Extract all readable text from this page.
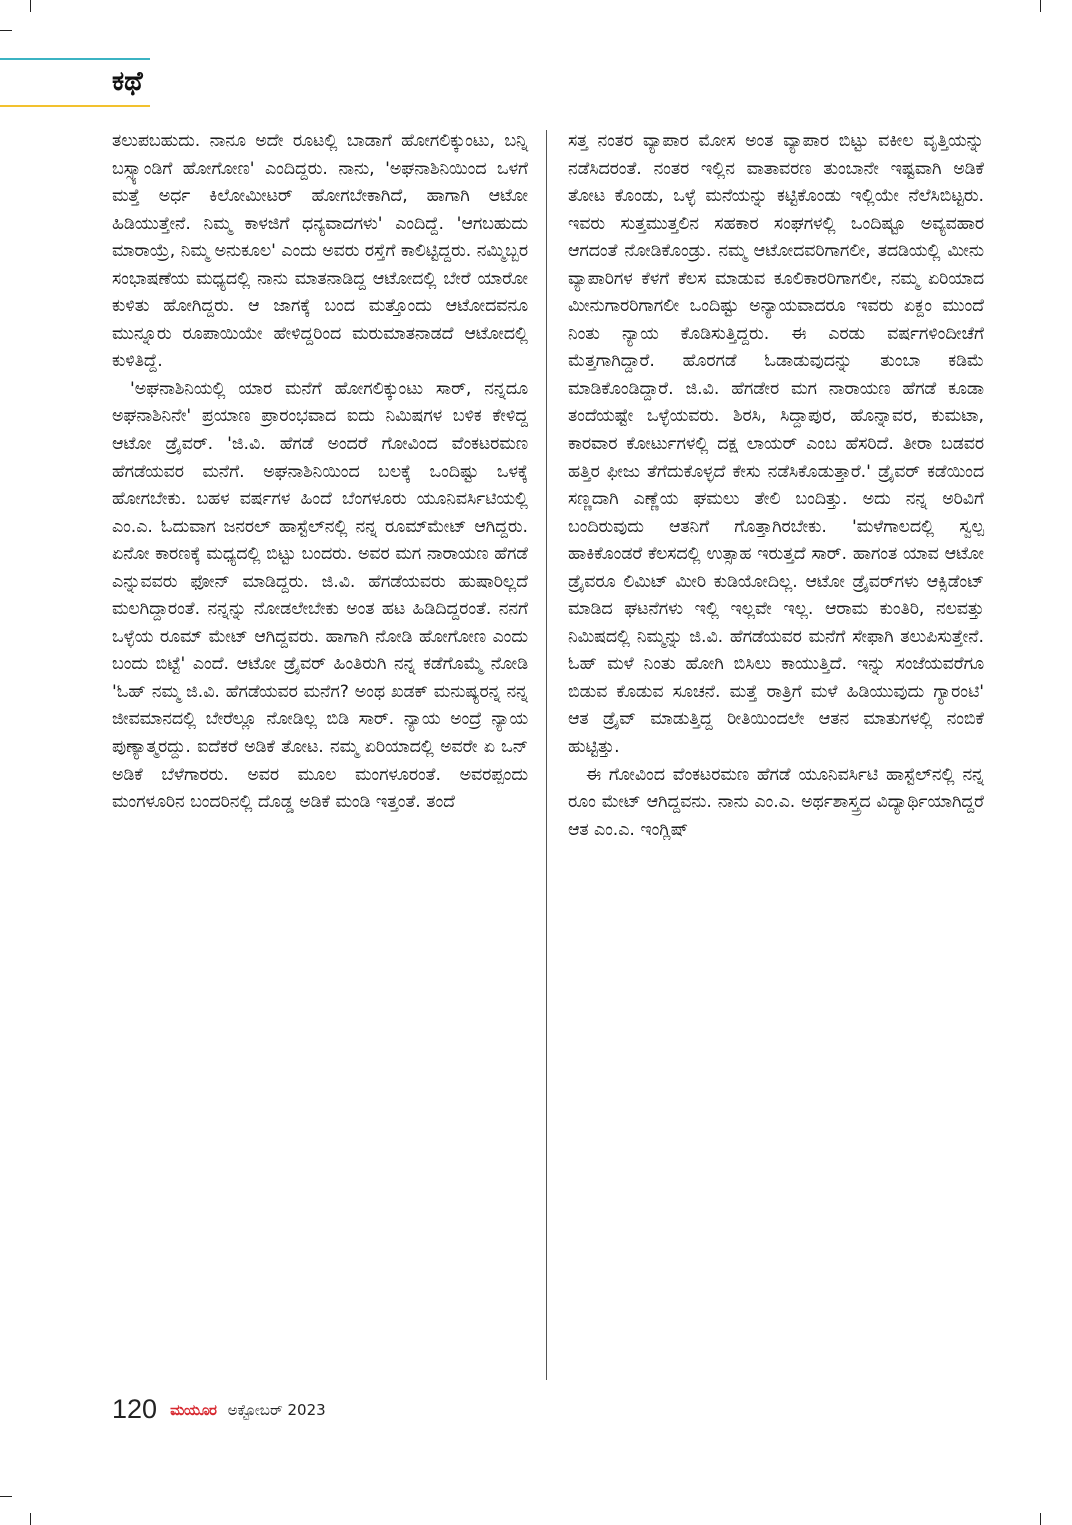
ಕಥೆ

ತಲುಪಬಹುದು. ನಾನೂ ಅದೇ ರೂಟಲ್ಲಿ ಬಾಡಾಗೆ ಹೋಗಲಿಕ್ಕುಂಟು, ಬನ್ನಿ ಬಸ್ಸ್ಯಾಂಡಿಗೆ ಹೋಗೋಣ' ಎಂದಿದ್ದರು. ನಾನು, 'ಅಘನಾಶಿನಿಯಿಂದ ಒಳಗೆ ಮತ್ತೆ ಅರ್ಧ ಕಿಲೋಮೀಟರ್ ಹೋಗಬೇಕಾಗಿದೆ, ಹಾಗಾಗಿ ಆಟೋ ಹಿಡಿಯುತ್ತೇನೆ. ನಿಮ್ಮ ಕಾಳಜಿಗೆ ಧನ್ಯವಾದಗಳು' ಎಂದಿದ್ದೆ. 'ಆಗಬಹುದು ಮಾರಾಯ್ರೆ, ನಿಮ್ಮ ಅನುಕೂಲ' ಎಂದು ಅವರು ರಸ್ತೆಗೆ ಕಾಲಿಟ್ಟಿದ್ದರು. ನಮ್ಮಿಬ್ಬರ ಸಂಭಾಷಣೆಯ ಮಧ್ಯದಲ್ಲಿ ನಾನು ಮಾತನಾಡಿದ್ದ ಆಟೋದಲ್ಲಿ ಬೇರೆ ಯಾರೋ ಕುಳಿತು ಹೋಗಿದ್ದರು. ಆ ಜಾಗಕ್ಕೆ ಬಂದ ಮತ್ತೊಂದು ಆಟೋದವನೂ ಮುನ್ನೂರು ರೂಪಾಯಿಯೇ ಹೇಳಿದ್ದರಿಂದ ಮರುಮಾತನಾಡದೆ ಆಟೋದಲ್ಲಿ ಕುಳಿತಿದ್ದೆ.

'ಅಘನಾಶಿನಿಯಲ್ಲಿ ಯಾರ ಮನೆಗೆ ಹೋಗಲಿಕ್ಕುಂಟು ಸಾರ್, ನನ್ನದೂ ಅಘನಾಶಿನಿನೇ' ಪ್ರಯಾಣ ಪ್ರಾರಂಭವಾದ ಐದು ನಿಮಿಷಗಳ ಬಳಿಕ ಕೇಳಿದ್ದ ಆಟೋ ಡ್ರೈವರ್. 'ಜಿ.ವಿ. ಹೆಗಡೆ ಅಂದರೆ ಗೋವಿಂದ ವೆಂಕಟರಮಣ ಹೆಗಡೆಯವರ ಮನೆಗೆ. ಅಘನಾಶಿನಿಯಿಂದ ಬಲಕ್ಕೆ ಒಂದಿಷ್ಟು ಒಳಕ್ಕೆ ಹೋಗಬೇಕು. ಬಹಳ ವರ್ಷಗಳ ಹಿಂದೆ ಬೆಂಗಳೂರು ಯೂನಿವರ್ಸಿಟಿಯಲ್ಲಿ ಎಂ.ಎ. ಓದುವಾಗ ಜನರಲ್ ಹಾಸ್ಟೆಲ್‌ನಲ್ಲಿ ನನ್ನ ರೂಮ್‌ಮೇಟ್ ಆಗಿದ್ದರು. ಏನೋ ಕಾರಣಕ್ಕೆ ಮಧ್ಯದಲ್ಲಿ ಬಿಟ್ಟು ಬಂದರು. ಅವರ ಮಗ ನಾರಾಯಣ ಹೆಗಡೆ ಎನ್ನುವವರು ಫೋನ್ ಮಾಡಿದ್ದರು. ಜಿ.ವಿ. ಹೆಗಡೆಯವರು ಹುಷಾರಿಲ್ಲದೆ ಮಲಗಿದ್ದಾರಂತೆ. ನನ್ನನ್ನು ನೋಡಲೇಬೇಕು ಅಂತ ಹಟ ಹಿಡಿದಿದ್ದರಂತೆ. ನನಗೆ ಒಳ್ಳೆಯ ರೂಮ್ ಮೇಟ್ ಆಗಿದ್ದವರು. ಹಾಗಾಗಿ ನೋಡಿ ಹೋಗೋಣ ಎಂದು ಬಂದು ಬಿಟ್ಟೆ' ಎಂದೆ. ಆಟೋ ಡ್ರೈವರ್ ಹಿಂತಿರುಗಿ ನನ್ನ ಕಡೆಗೊಮ್ಮೆ ನೋಡಿ 'ಓಹ್ ನಮ್ಮ ಜಿ.ವಿ. ಹೆಗಡೆಯವರ ಮನೆಗ? ಅಂಥ ಖಡಕ್ ಮನುಷ್ಯರನ್ನ ನನ್ನ ಜೀವಮಾನದಲ್ಲಿ ಬೇರೆಲ್ಲೂ ನೋಡಿಲ್ಲ ಬಿಡಿ ಸಾರ್. ನ್ಯಾಯ ಅಂದ್ರೆ ನ್ಯಾಯ ಪುಣ್ಯಾತ್ಮರದ್ದು. ಐದೆಕರೆ ಅಡಿಕೆ ತೋಟ. ನಮ್ಮ ಏರಿಯಾದಲ್ಲಿ ಅವರೇ ಏ ಒನ್ ಅಡಿಕೆ ಬೆಳೆಗಾರರು. ಅವರ ಮೂಲ ಮಂಗಳೂರಂತೆ. ಅವರಪ್ಪಂದು ಮಂಗಳೂರಿನ ಬಂದರಿನಲ್ಲಿ ದೊಡ್ಡ ಅಡಿಕೆ ಮಂಡಿ ಇತ್ತಂತೆ. ತಂದೆ

ಸತ್ತ ನಂತರ ವ್ಯಾಪಾರ ಮೋಸ ಅಂತ ವ್ಯಾಪಾರ ಬಿಟ್ಟು ವಕೀಲ ವೃತ್ತಿಯನ್ನು ನಡೆಸಿದರಂತೆ. ನಂತರ ಇಲ್ಲಿನ ವಾತಾವರಣ ತುಂಬಾನೇ ಇಷ್ಟವಾಗಿ ಅಡಿಕೆ ತೋಟ ಕೊಂಡು, ಒಳ್ಳೆ ಮನೆಯನ್ನು ಕಟ್ಟಿಕೊಂಡು ಇಲ್ಲಿಯೇ ನೆಲೆಸಿಬಿಟ್ಟರು. ಇವರು ಸುತ್ತಮುತ್ತಲಿನ ಸಹಕಾರ ಸಂಘಗಳಲ್ಲಿ ಒಂದಿಷ್ಟೂ ಅವ್ಯವಹಾರ ಆಗದಂತೆ ನೋಡಿಕೊಂಡ್ರು. ನಮ್ಮ ಆಟೋದವರಿಗಾಗಲೀ, ತದಡಿಯಲ್ಲಿ ಮೀನು ವ್ಯಾಪಾರಿಗಳ ಕೆಳಗೆ ಕೆಲಸ ಮಾಡುವ ಕೂಲಿಕಾರರಿಗಾಗಲೀ, ನಮ್ಮ ಏರಿಯಾದ ಮೀನುಗಾರರಿಗಾಗಲೀ ಒಂದಿಷ್ಟು ಅನ್ಯಾಯವಾದರೂ ಇವರು ಏಕ್ದಂ ಮುಂದೆ ನಿಂತು ನ್ಯಾಯ ಕೊಡಿಸುತ್ತಿದ್ದರು. ಈ ಎರಡು ವರ್ಷಗಳಿಂದೀಚೆಗೆ ಮೆತ್ತಗಾಗಿದ್ದಾರೆ. ಹೊರಗಡೆ ಓಡಾಡುವುದನ್ನು ತುಂಬಾ ಕಡಿಮೆ ಮಾಡಿಕೊಂಡಿದ್ದಾರೆ. ಜಿ.ವಿ. ಹೆಗಡೇರ ಮಗ ನಾರಾಯಣ ಹೆಗಡೆ ಕೂಡಾ ತಂದೆಯಷ್ಟೇ ಒಳ್ಳೆಯವರು. ಶಿರಸಿ, ಸಿದ್ದಾಪುರ, ಹೊನ್ನಾವರ, ಕುಮಟಾ, ಕಾರವಾರ ಕೋರ್ಟುಗಳಲ್ಲಿ ದಕ್ಷ ಲಾಯರ್ ಎಂಬ ಹೆಸರಿದೆ. ತೀರಾ ಬಡವರ ಹತ್ತಿರ ಫೀಜು ತೆಗೆದುಕೊಳ್ಳದೆ ಕೇಸು ನಡೆಸಿಕೊಡುತ್ತಾರೆ.' ಡ್ರೈವರ್ ಕಡೆಯಿಂದ ಸಣ್ಣದಾಗಿ ಎಣ್ಣೆಯ ಘಮಲು ತೇಲಿ ಬಂದಿತ್ತು. ಅದು ನನ್ನ ಅರಿವಿಗೆ ಬಂದಿರುವುದು ಆತನಿಗೆ ಗೊತ್ತಾಗಿರಬೇಕು. 'ಮಳೆಗಾಲದಲ್ಲಿ ಸ್ವಲ್ಪ ಹಾಕಿಕೊಂಡರೆ ಕೆಲಸದಲ್ಲಿ ಉತ್ಸಾಹ ಇರುತ್ತದೆ ಸಾರ್. ಹಾಗಂತ ಯಾವ ಆಟೋ ಡ್ರೈವರೂ ಲಿಮಿಟ್ ಮೀರಿ ಕುಡಿಯೋದಿಲ್ಲ. ಆಟೋ ಡ್ರೈವರ್‌ಗಳು ಆಕ್ಸಿಡೆಂಟ್ ಮಾಡಿದ ಘಟನೆಗಳು ಇಲ್ಲಿ ಇಲ್ಲವೇ ಇಲ್ಲ. ಆರಾಮ ಕುಂತಿರಿ, ನಲವತ್ತು ನಿಮಿಷದಲ್ಲಿ ನಿಮ್ಮನ್ನು ಜಿ.ವಿ. ಹೆಗಡೆಯವರ ಮನೆಗೆ ಸೇಫಾಗಿ ತಲುಪಿಸುತ್ತೇನೆ. ಓಹ್ ಮಳೆ ನಿಂತು ಹೋಗಿ ಬಿಸಿಲು ಕಾಯುತ್ತಿದೆ. ಇನ್ನು ಸಂಜೆಯವರೆಗೂ ಬಿಡುವ ಕೊಡುವ ಸೂಚನೆ. ಮತ್ತೆ ರಾತ್ರಿಗೆ ಮಳೆ ಹಿಡಿಯುವುದು ಗ್ಯಾರಂಟಿ' ಆತ ಡ್ರೈವ್ ಮಾಡುತ್ತಿದ್ದ ರೀತಿಯಿಂದಲೇ ಆತನ ಮಾತುಗಳಲ್ಲಿ ನಂಬಿಕೆ ಹುಟ್ಟಿತ್ತು.

ಈ ಗೋವಿಂದ ವೆಂಕಟರಮಣ ಹೆಗಡೆ ಯೂನಿವರ್ಸಿಟಿ ಹಾಸ್ಟೆಲ್‌ನಲ್ಲಿ ನನ್ನ ರೂಂ ಮೇಟ್ ಆಗಿದ್ದವನು. ನಾನು ಎಂ.ಎ. ಅರ್ಥಶಾಸ್ತ್ರದ ವಿದ್ಯಾರ್ಥಿಯಾಗಿದ್ದರೆ ಆತ ಎಂ.ಎ. ಇಂಗ್ಲಿಷ್

120 ಮಯೂರ ಅಕ್ಟೋಬರ್ 2023
